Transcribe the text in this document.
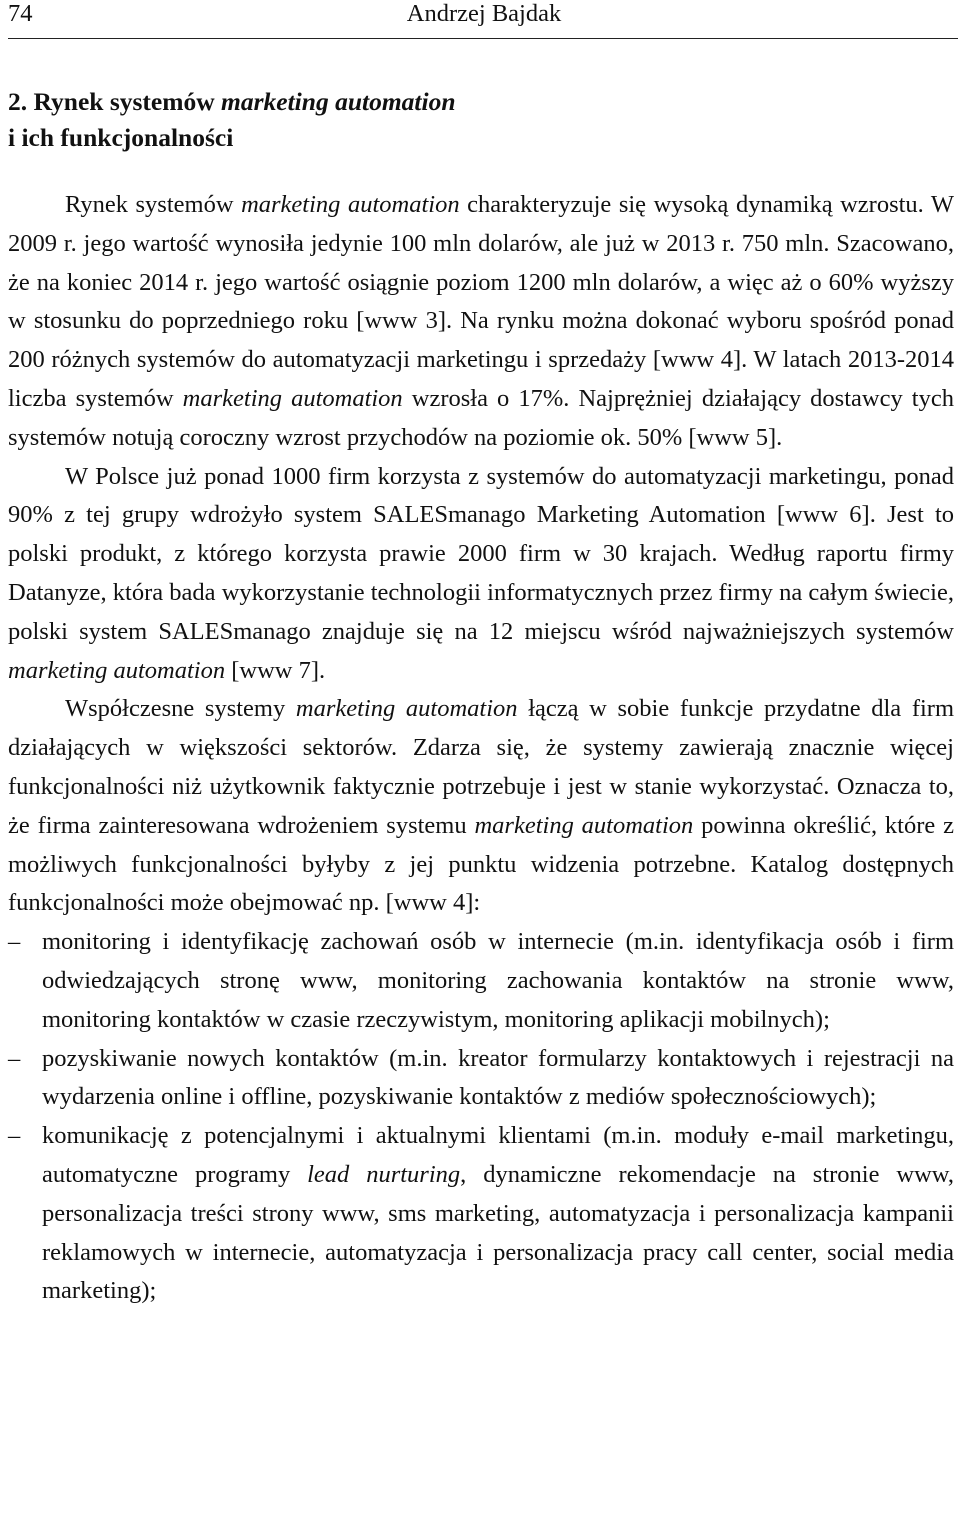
74	Andrzej Bajdak
2. Rynek systemów marketing automation
i ich funkcjonalności

Rynek systemów marketing automation charakteryzuje się wysoką dynamiką wzrostu. W 2009 r. jego wartość wynosiła jedynie 100 mln dolarów, ale już w 2013 r. 750 mln. Szacowano, że na koniec 2014 r. jego wartość osiągnie poziom 1200 mln dolarów, a więc aż o 60% wyższy w stosunku do poprzedniego roku [www 3]. Na rynku można dokonać wyboru spośród ponad 200 różnych systemów do automatyzacji marketingu i sprzedaży [www 4]. W latach 2013-2014 liczba systemów marketing automation wzrosła o 17%. Najprężniej działający dostawcy tych systemów notują coroczny wzrost przychodów na poziomie ok. 50% [www 5].

W Polsce już ponad 1000 firm korzysta z systemów do automatyzacji marketingu, ponad 90% z tej grupy wdrożyło system SALESmanago Marketing Automation [www 6]. Jest to polski produkt, z którego korzysta prawie 2000 firm w 30 krajach. Według raportu firmy Datanyze, która bada wykorzystanie technologii informatycznych przez firmy na całym świecie, polski system SALESmanago znajduje się na 12 miejscu wśród najważniejszych systemów marketing automation [www 7].

Współczesne systemy marketing automation łączą w sobie funkcje przydatne dla firm działających w większości sektorów. Zdarza się, że systemy zawierają znacznie więcej funkcjonalności niż użytkownik faktycznie potrzebuje i jest w stanie wykorzystać. Oznacza to, że firma zainteresowana wdrożeniem systemu marketing automation powinna określić, które z możliwych funkcjonalności byłyby z jej punktu widzenia potrzebne. Katalog dostępnych funkcjonalności może obejmować np. [www 4]:

– monitoring i identyfikację zachowań osób w internecie (m.in. identyfikacja osób i firm odwiedzających stronę www, monitoring zachowania kontaktów na stronie www, monitoring kontaktów w czasie rzeczywistym, monitoring aplikacji mobilnych);
– pozyskiwanie nowych kontaktów (m.in. kreator formularzy kontaktowych i rejestracji na wydarzenia online i offline, pozyskiwanie kontaktów z mediów społecznościowych);
– komunikację z potencjalnymi i aktualnymi klientami (m.in. moduły e-mail marketingu, automatyczne programy lead nurturing, dynamiczne rekomendacje na stronie www, personalizacja treści strony www, sms marketing, automatyzacja i personalizacja kampanii reklamowych w internecie, automatyzacja i personalizacja pracy call center, social media marketing);
